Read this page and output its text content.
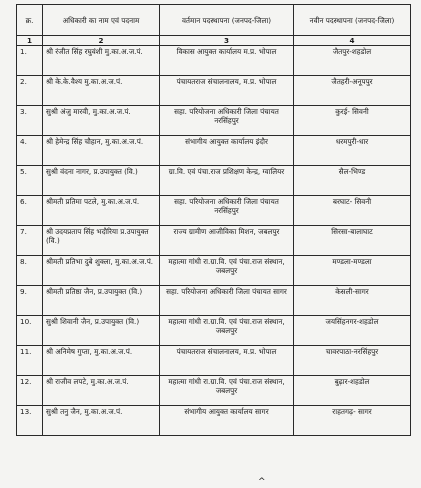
क्र.	अधिकारी का नाम एवं पदनाम	वर्तमान पदस्थापना (जनपद-जिला)	नवीन पदस्थापना (जनपद-जिला)
1	2	3	4
1.	श्री रंजीत सिंह रघुवंशी मु.का.अ.ज.पं.	विकास आयुक्त कार्यालय म.प्र. भोपाल	जैतपुर-शहडोल
2.	श्री के.के.वैश्य मु.का.अ.ज.पं.	पंचायतराज संचालनालय, म.प्र. भोपाल	जैतहरी-अनूपपुर
3.	सुश्री अंजु मारवी, मु.का.अ.ज.पं.	सहा. परियोजना अधिकारी जिला पंचायत नरसिंहपुर	कुरई- सिवनी
4.	श्री हेमेन्द्र सिंह चौहान, मु.का.अ.ज.पं.	संभागीय आयुक्त कार्यालय इंदौर	धरमपुरी-धार
5.	सुश्री वंदना नागर, प्र.उपायुक्त (वि.)	ग्रा.वि. एवं पंचा.राज प्रशिक्षण केन्द्र, ग्वालियर	सैल-भिण्ड
6.	श्रीमती प्रतिमा पटले, मु.का.अ.ज.पं.	सहा. परियोजना अधिकारी जिला पंचायत नरसिंहपुर	बरघाट- सिवनी
7.	श्री उदयप्रताप सिंह भदौरिया प्र.उपायुक्त (वि.)	राज्य ग्रामीण आजीविका मिशन, जबलपुर	सिरसा-बालाघाट
8.	श्रीमती प्रतिभा दुबे शुक्ला, मु.का.अ.ज.पं.	महात्मा गांधी रा.ग्रा.वि. एवं पंचा.राज संस्थान, जबलपुर	मण्डला-मण्डला
9.	श्रीमती प्रतिष्ठा जैन, प्र.उपायुक्त (वि.)	सहा. परियोजना अधिकारी जिला पंचायत सागर	केसली-सागर
10.	सुश्री शिवानी जैन, प्र.उपायुक्त (वि.)	महात्मा गांधी रा.ग्रा.वि. एवं पंचा.राज संस्थान, जबलपुर	जयसिंहनगर-शहडोल
11.	श्री अनिमेष गुप्ता, मु.का.अ.ज.पं.	पंचायतराज संचालनालय, म.प्र. भोपाल	चावरपाठा-नरसिंहपुर
12.	श्री राजीव लपटे, मु.का.अ.ज.पं.	महात्मा गांधी रा.ग्रा.वि. एवं पंचा.राज संस्थान, जबलपुर	बुढ़ार-शहडोल
13.	सुश्री तनु जैन, मु.का.अ.ज.पं.	संभागीय आयुक्त कार्यालय सागर	राहतगढ़- सागर
^
